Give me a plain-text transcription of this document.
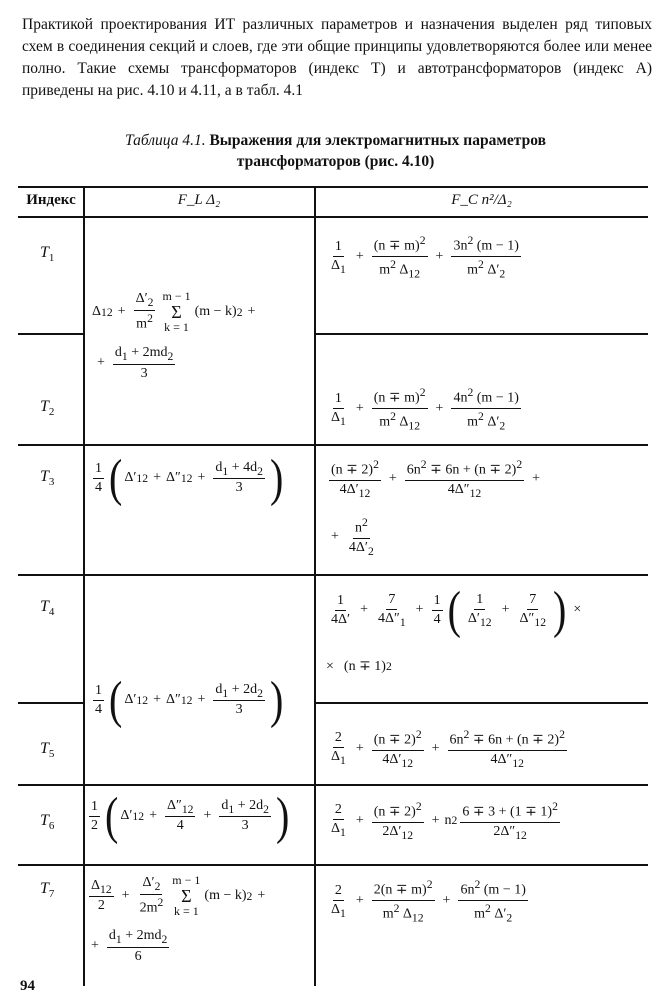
Практикой проектирования ИТ различных параметров и назначения выделен ряд типовых схем в соединения секций и слоев, где эти общие принципы удовлетворяются более или менее полно. Такие схемы трансформаторов (индекс T) и автотрансформаторов (индекс A) приведены на рис. 4.10 и 4.11, а в табл. 4.1

Таблица 4.1. Выражения для электромагнитных параметров
трансформаторов (рис. 4.10)
Индекс	F_L Δ₂	F_C n²/Δ₂
$T_1$
$T_2$
$T_3$
$T_4$
$T_5$
$T_6$
$T_7$
Δ $12 + \frac{\Delta'_2}{m^2}$ m − 1
Σ
k = 1
(m − k) 2 +
+ $\frac{d_1 + 2md_2}{3}$
1
4 ( Δ′ 12 + Δ″ $12 + \frac{d_1 + 4d_2}{3}$ )
1
4 ( Δ′ 12 + Δ″ $12 + \frac{d_1 + 2d_2}{3}$ )
1
2 ( Δ′ $12 + \frac{\Delta''_{12}}{4} + \frac{d_1 + 2d_2}{3}$ )
$\Delta_{12}$
2
+ $\frac{\Delta'_2}{2m^2}$ m − 1
Σ
k = 1
(m − k) 2 +
+ $\frac{d_1 + 2md_2}{6}$
1
$\Delta_1$
+ $\frac{(n \mp m)^2}{m^2 \Delta_{12}} + \frac{3n^2 (m - 1)}{m^2 \Delta'_2}$
1
$\Delta_1$
+ $\frac{(n \mp m)^2}{m^2 \Delta_{12}} + \frac{4n^2 (m - 1)}{m^2 \Delta'_2}$
$(n \mp 2)^2$
$4\Delta'_{12}$
+ $\frac{6n^2 \mp 6n + (n \mp 2)^2}{4\Delta''_{12}}$ +
+ $\frac{n^2}{4\Delta'_2}$
1
4Δ′
+ $\frac{7}{4\Delta''_1} + \frac{1}{4}$ ( 1
$\Delta'_{12}$
+ $\frac{7}{\Delta''_{12}}$ ) ×
× (n ∓ 1) 2
2
$\Delta_1$
+ $\frac{(n \mp 2)^2}{4\Delta'_{12}} + \frac{6n^2 \mp 6n + (n \mp 2)^2}{4\Delta''_{12}}$
2
$\Delta_1$
+ $\frac{(n \mp 2)^2}{2\Delta'_{12}} + n$ 2
$6 \mp 3 + (1 \mp 1)^2$
$2\Delta''_{12}$
2
$\Delta_1$
+ $\frac{2(n \mp m)^2}{m^2 \Delta_{12}} + \frac{6n^2 (m - 1)}{m^2 \Delta'_2}$
94
